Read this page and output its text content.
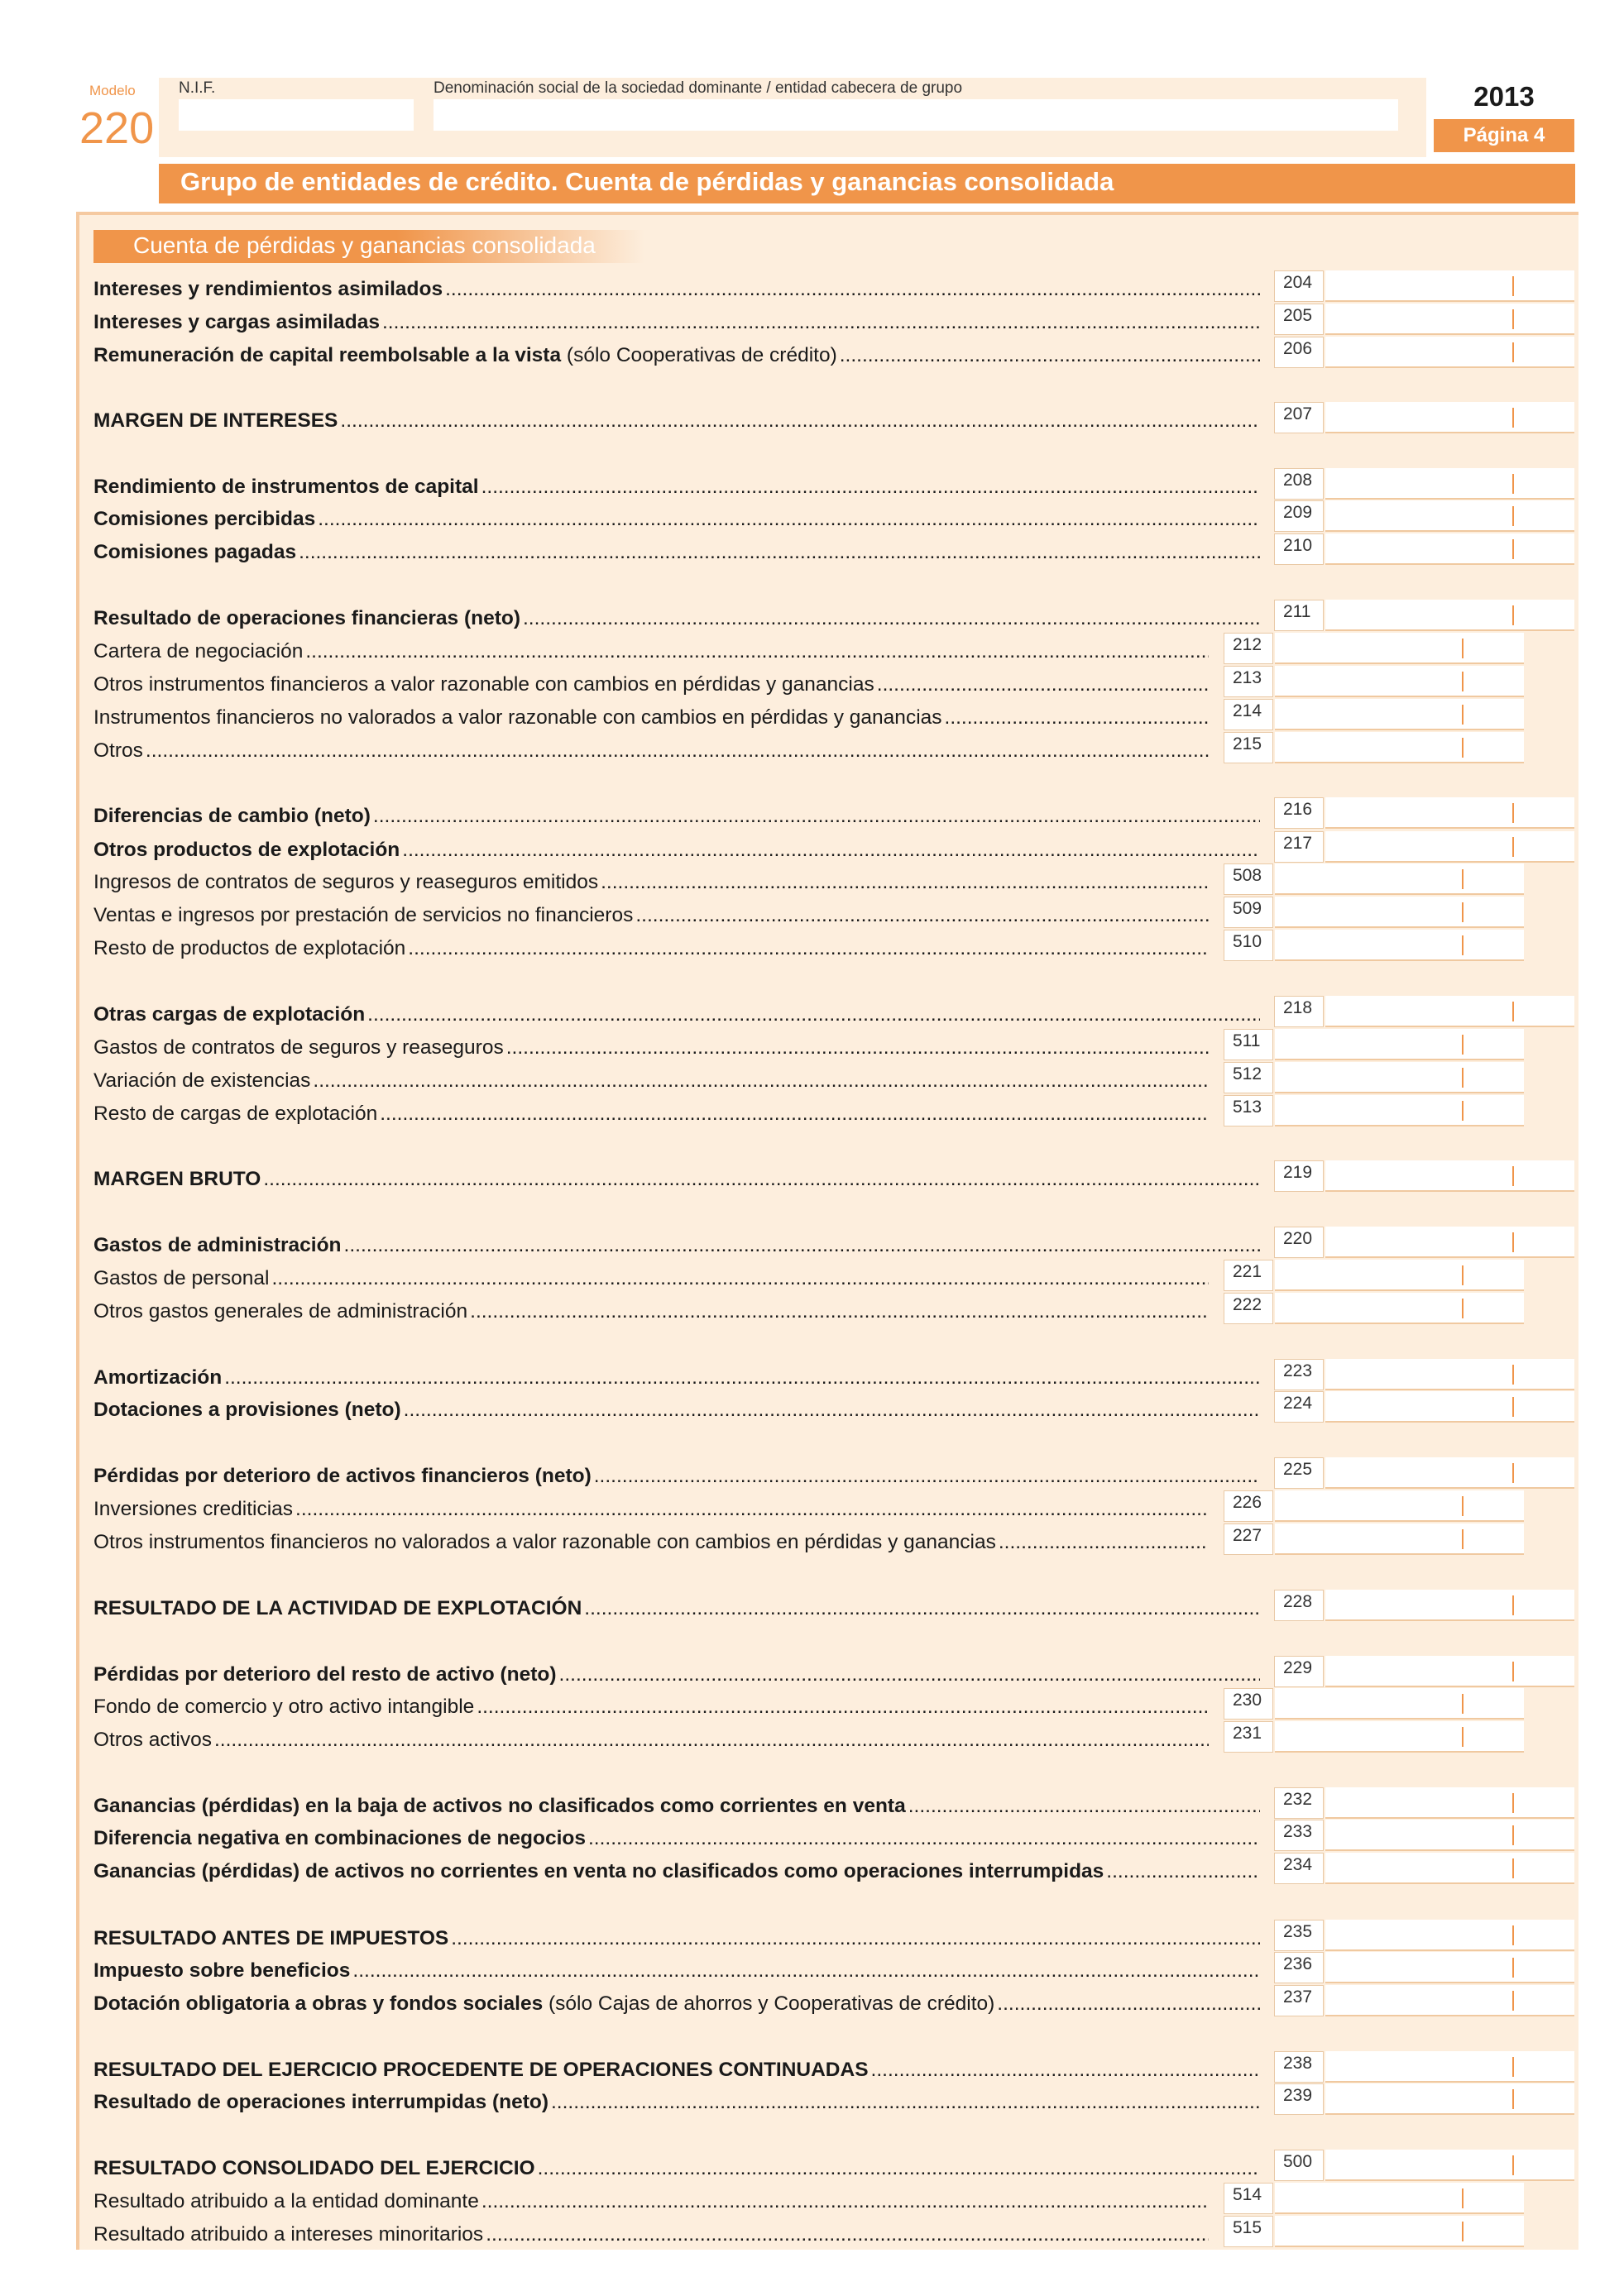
Modelo
220
N.I.F.	Denominación social de la sociedad dominante / entidad cabecera de grupo	2013
Página 4
Grupo de entidades de crédito. Cuenta de pérdidas y ganancias consolidada
Cuenta de pérdidas y ganancias consolidada
Intereses y rendimientos asimilados .....	204
Intereses y cargas asimiladas .....	205
Remuneración de capital reembolsable a la vista (sólo Cooperativas de crédito) .....	206
MARGEN DE INTERESES .....	207
Rendimiento de instrumentos de capital .....	208
Comisiones percibidas .....	209
Comisiones pagadas .....	210
Resultado de operaciones financieras (neto) .....	211
Cartera de negociación .....	212
Otros instrumentos financieros a valor razonable con cambios en pérdidas y ganancias .....	213
Instrumentos financieros no valorados a valor razonable con cambios en pérdidas y ganancias .....	214
Otros .....	215
Diferencias de cambio (neto) .....	216
Otros productos de explotación .....	217
Ingresos de contratos de seguros y reaseguros emitidos .....	508
Ventas e ingresos por prestación de servicios no financieros .....	509
Resto de productos de explotación .....	510
Otras cargas de explotación .....	218
Gastos de contratos de seguros y reaseguros .....	511
Variación de existencias .....	512
Resto de cargas de explotación .....	513
MARGEN BRUTO .....	219
Gastos de administración .....	220
Gastos de personal .....	221
Otros gastos generales de administración .....	222
Amortización .....	223
Dotaciones a provisiones (neto) .....	224
Pérdidas por deterioro de activos financieros (neto) .....	225
Inversiones crediticias .....	226
Otros instrumentos financieros no valorados a valor razonable con cambios en pérdidas y ganancias .....	227
RESULTADO DE LA ACTIVIDAD DE EXPLOTACIÓN .....	228
Pérdidas por deterioro del resto de activo (neto) .....	229
Fondo de comercio y otro activo intangible .....	230
Otros activos .....	231
Ganancias (pérdidas) en la baja de activos no clasificados como corrientes en venta .....	232
Diferencia negativa en combinaciones de negocios .....	233
Ganancias (pérdidas) de activos no corrientes en venta no clasificados como operaciones interrumpidas .....	234
RESULTADO ANTES DE IMPUESTOS .....	235
Impuesto sobre beneficios .....	236
Dotación obligatoria a obras y fondos sociales (sólo Cajas de ahorros y Cooperativas de crédito) .....	237
RESULTADO DEL EJERCICIO PROCEDENTE DE OPERACIONES CONTINUADAS .....	238
Resultado de operaciones interrumpidas (neto) .....	239
RESULTADO CONSOLIDADO DEL EJERCICIO .....	500
Resultado atribuido a la entidad dominante .....	514
Resultado atribuido a intereses minoritarios .....	515
